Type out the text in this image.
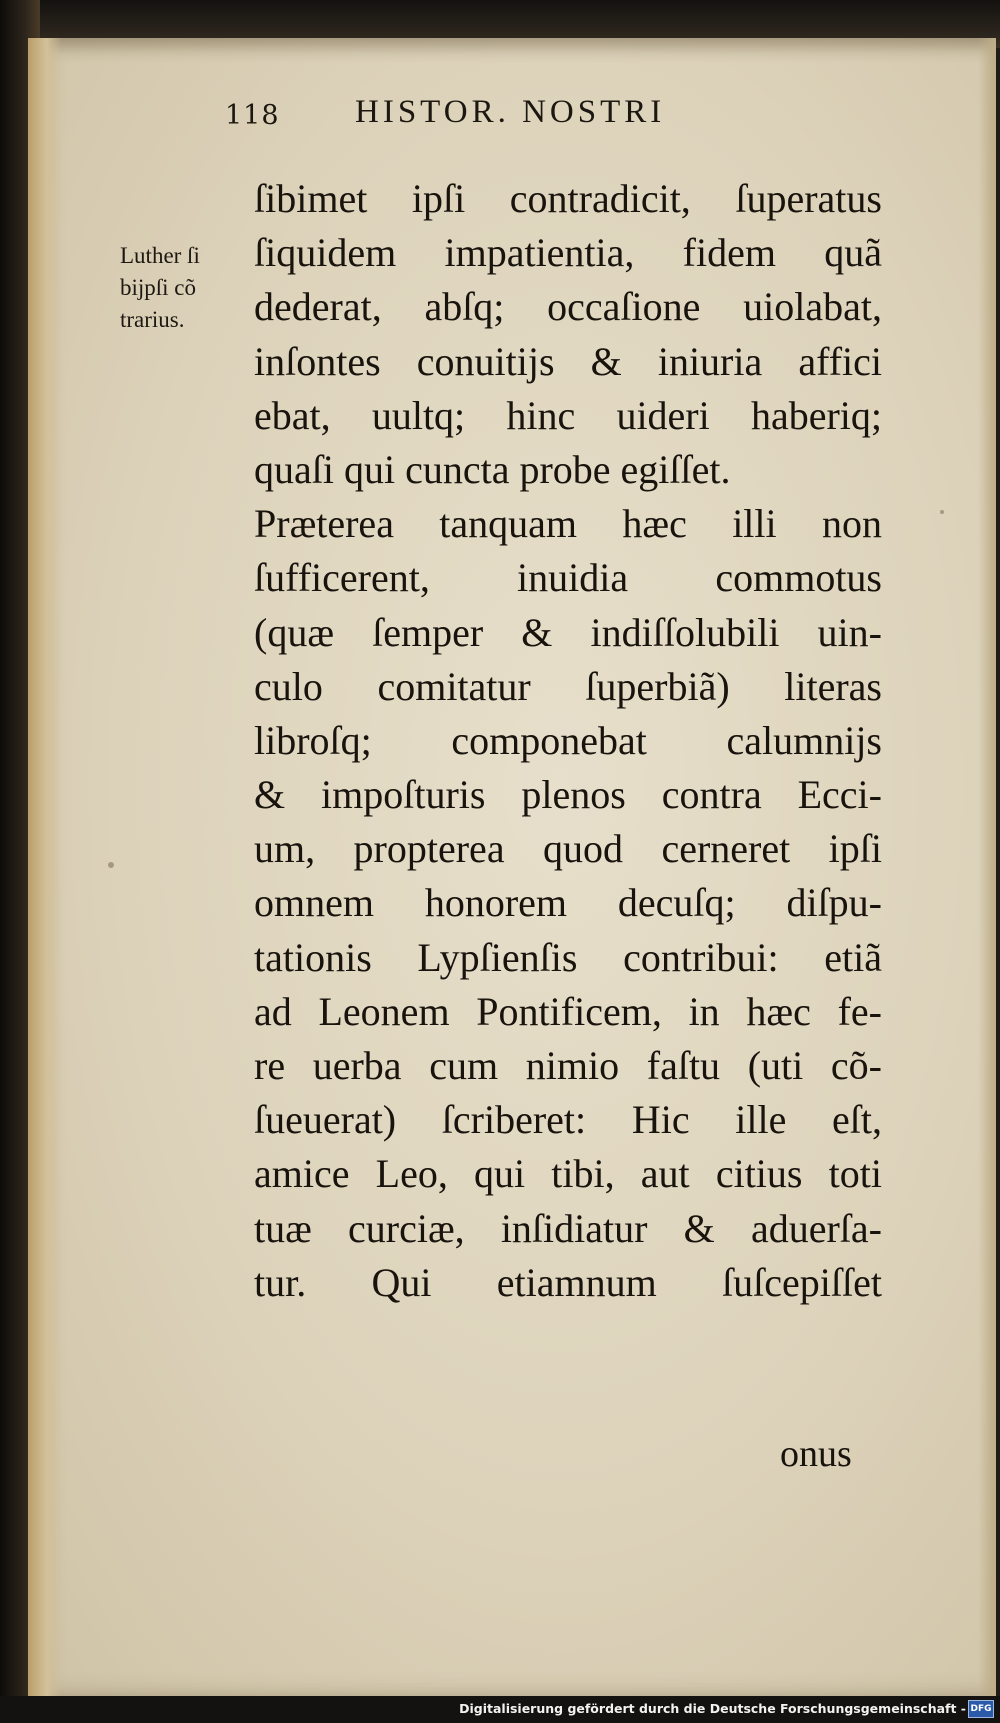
118 HISTOR. NOSTRI
Luther ſi
bijpſi cõ
trarius.
ſibimet ipſi contradicit, ſuperatus
ſiquidem impatientia, fidem quã
dederat, abſq; occaſione uiolabat,
inſontes conuitijs & iniuria affici
ebat, uultq; hinc uideri haberiq;
quaſi qui cuncta probe egiſſet.
Præterea tanquam hæc illi non
ſufficerent, inuidia commotus
(quæ ſemper & indiſſolubili uin-
culo comitatur ſuperbiã) literas
libroſq; componebat calumnijs
& impoſturis plenos contra Ecci-
um, propterea quod cerneret ipſi
omnem honorem decuſq; diſpu-
tationis Lypſienſis contribui: etiã
ad Leonem Pontificem, in hæc fe-
re uerba cum nimio faſtu (uti cõ-
ſueuerat) ſcriberet: Hic ille eſt,
amice Leo, qui tibi, aut citius toti
tuæ curciæ, inſidiatur & aduerſa-
tur. Qui etiamnum ſuſcepiſſet
onus
Digitalisierung gefördert durch die Deutsche Forschungsgemeinschaft - DFG
